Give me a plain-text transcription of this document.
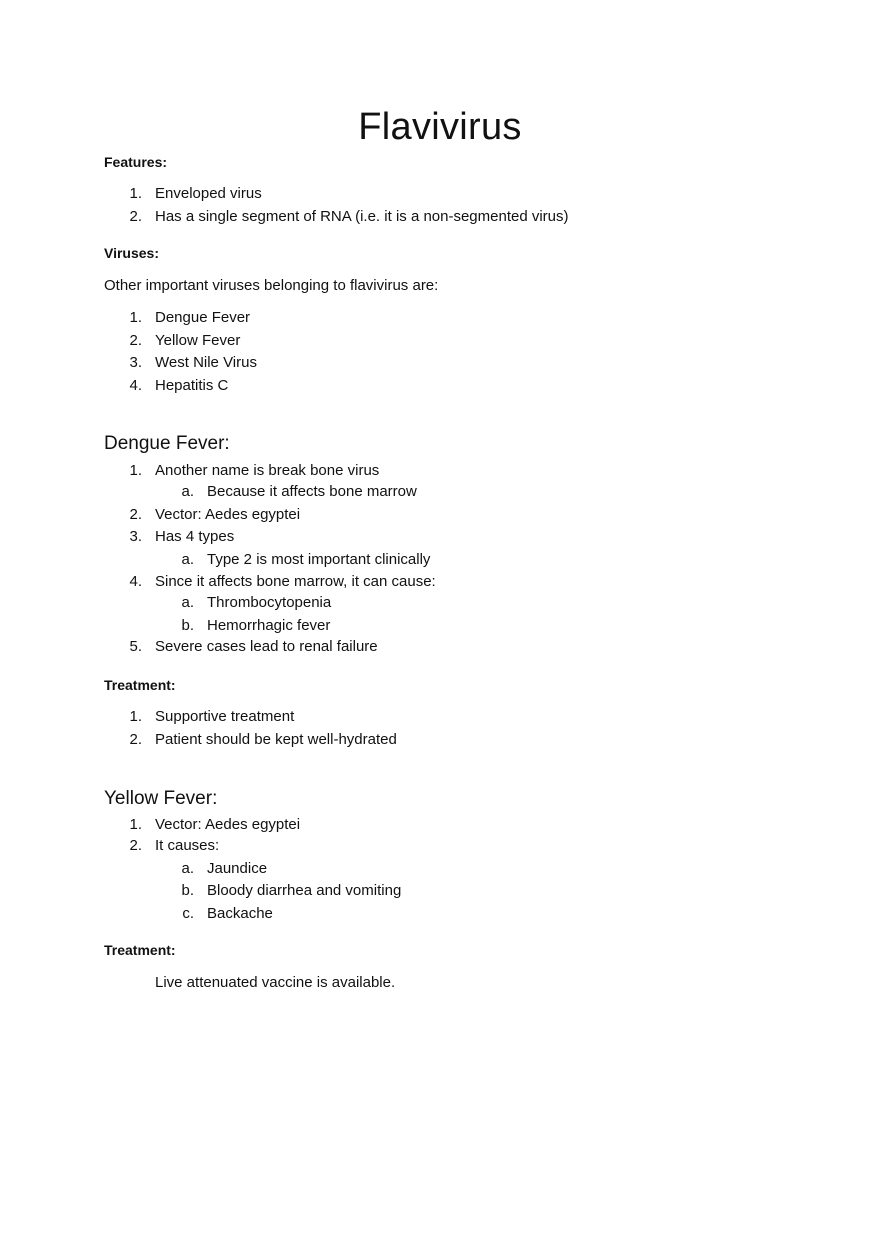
Flavivirus
Features:
1. Enveloped virus
2. Has a single segment of RNA (i.e. it is a non-segmented virus)
Viruses:
Other important viruses belonging to flavivirus are:
1. Dengue Fever
2. Yellow Fever
3. West Nile Virus
4. Hepatitis C
Dengue Fever:
1. Another name is break bone virus
a. Because it affects bone marrow
2. Vector: Aedes egyptei
3. Has 4 types
a. Type 2 is most important clinically
4. Since it affects bone marrow, it can cause:
a. Thrombocytopenia
b. Hemorrhagic fever
5. Severe cases lead to renal failure
Treatment:
1. Supportive treatment
2. Patient should be kept well-hydrated
Yellow Fever:
1. Vector: Aedes egyptei
2. It causes:
a. Jaundice
b. Bloody diarrhea and vomiting
c. Backache
Treatment:
Live attenuated vaccine is available.
